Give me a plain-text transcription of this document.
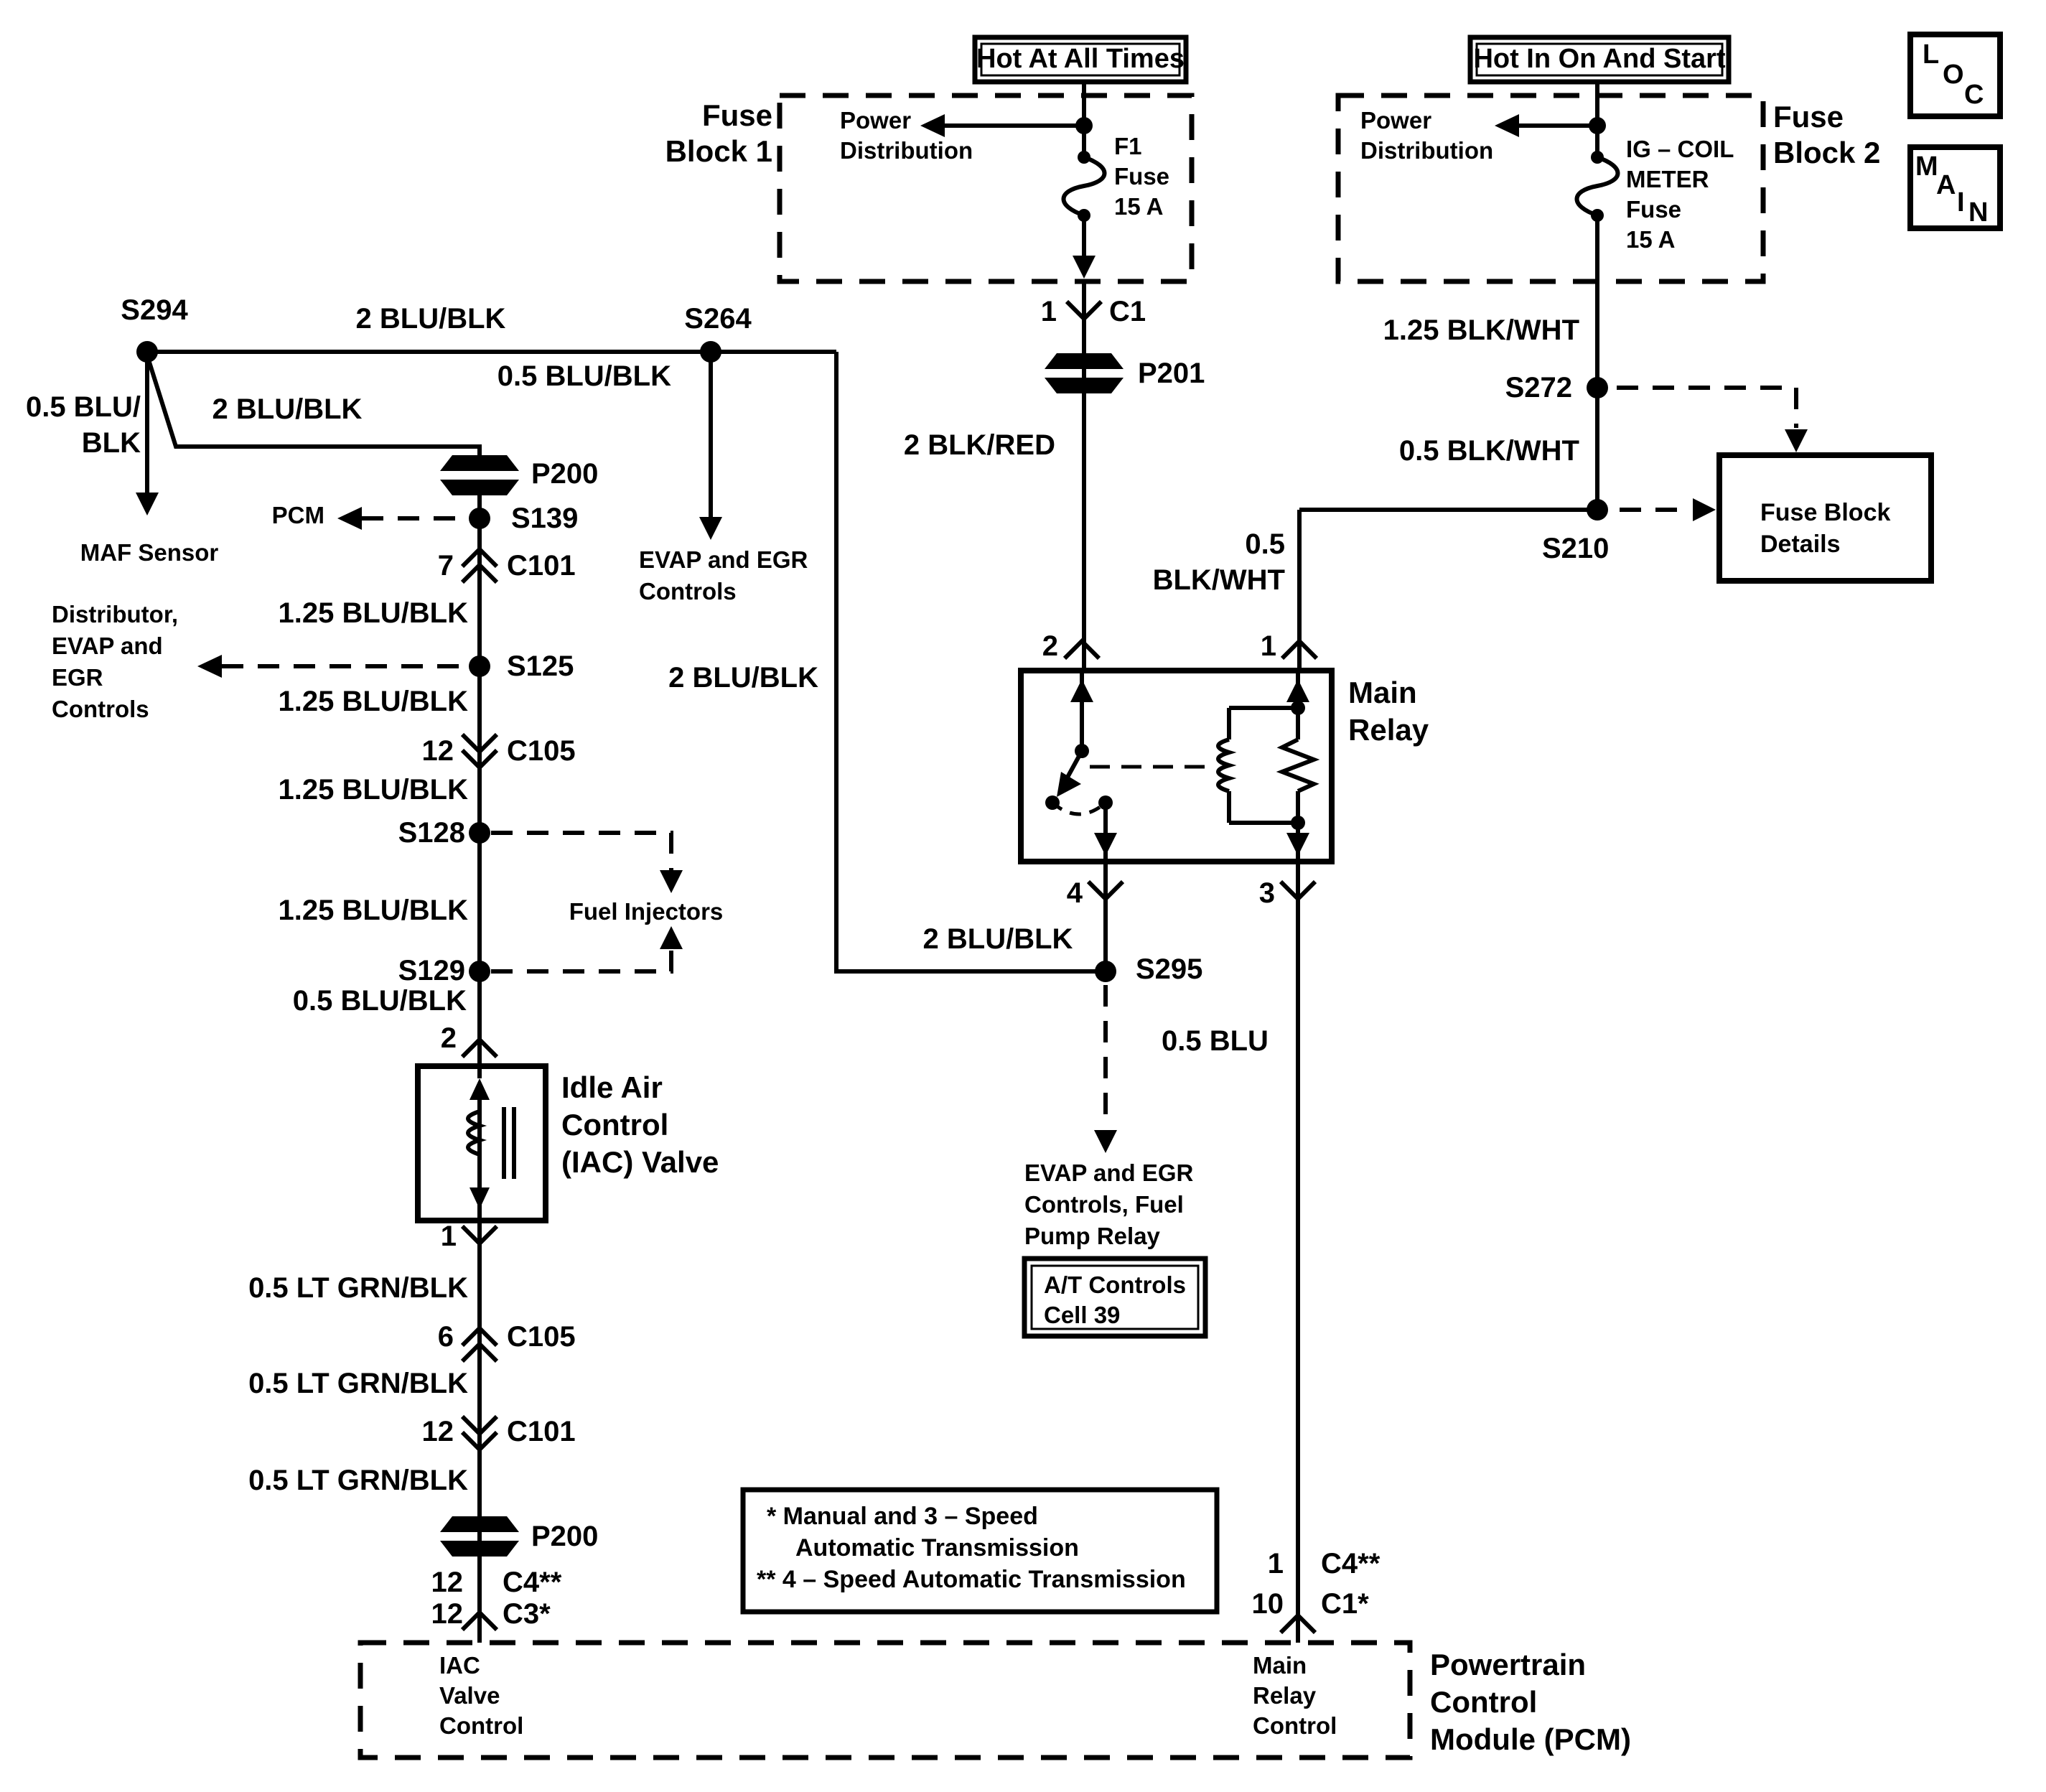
Hot At All Times	Hot In On And Start	L
O
C
M
A
I N
Fuse
Block 1
Power
Distribution	F1
Fuse
15 A
Power
Distribution	IG – COIL
METER
Fuse
15 A
Fuse
Block 2
1 C1
P201
2 BLK/RED
1.25 BLK/WHT
S272
0.5 BLK/WHT
S210
Fuse Block
Details
0.5
BLK/WHT
S294	2 BLU/BLK	S264
0.5 BLU/BLK
0.5 BLU/
BLK
MAF Sensor
2 BLU/BLK
P200
PCM	S139
7 C101	EVAP and EGR
Controls
1.25 BLU/BLK
Distributor,
EVAP and
EGR
Controls
S125
1.25 BLU/BLK
12 C105
1.25 BLU/BLK
S128
1.25 BLU/BLK	Fuel Injectors
S129
2 BLU/BLK
0.5 BLU/BLK
2
Idle Air
Control
(IAC) Valve
1
0.5 LT GRN/BLK
6 C105
0.5 LT GRN/BLK
12 C101
0.5 LT GRN/BLK
P200
12 C4**
12 C3*
2	1
Main
Relay
4	3
2 BLU/BLK
S295
0.5 BLU
EVAP and EGR
Controls, Fuel
Pump Relay
A/T Controls
Cell 39
* Manual and 3 – Speed
Automatic Transmission
** 4 – Speed Automatic Transmission	1 C4**
10 C1*
IAC
Valve
Control
Main
Relay
Control
Powertrain
Control
Module (PCM)
